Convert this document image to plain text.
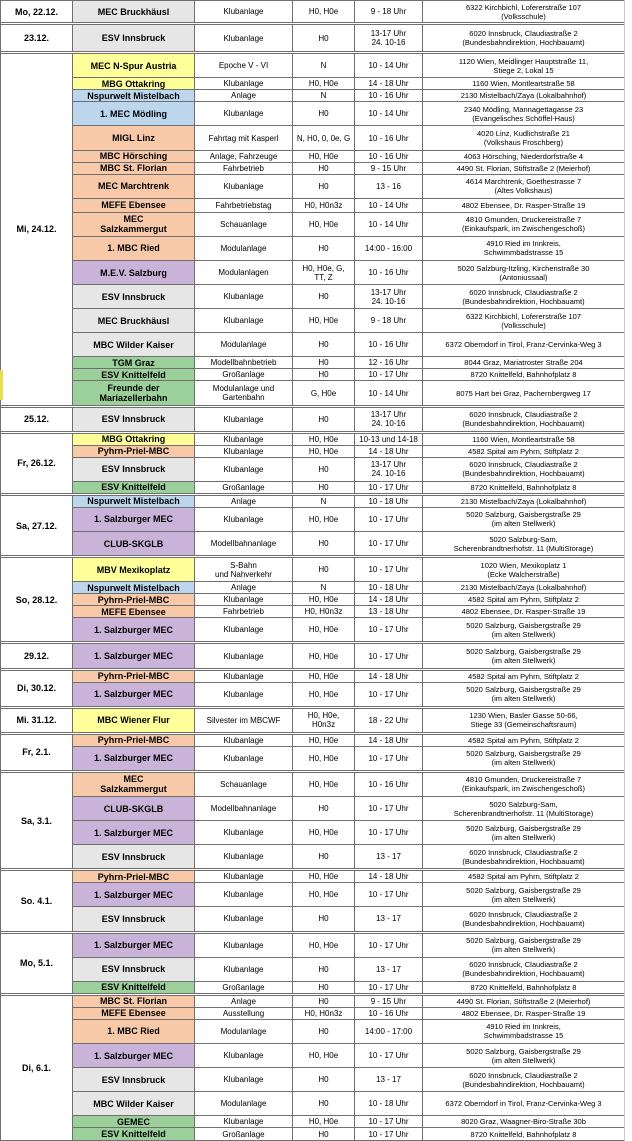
Mo, 22.12.	MEC Bruckhäusl	Klubanlage	H0, H0e	9 - 18 Uhr	6322 Kirchbichl, Lofererstraße 107
(Volksschule)

23.12.	ESV Innsbruck	Klubanlage	H0	13-17 Uhr
24. 10-16	6020 Innsbruck, Claudiastraße 2
(Bundesbahndirektion, Hochbauamt)

Mi, 24.12.	MEC N-Spur Austria	Epoche V - VI	N	10 - 14 Uhr	1120 Wien, Meidlinger Hauptstraße 11,
Stiege 2, Lokal 15
	MBG Ottakring	Klubanlage	H0, H0e	14 - 18 Uhr	1160 Wien, Montleartstraße 58
	Nspurwelt Mistelbach	Anlage	N	10 - 16 Uhr	2130 Mistelbach/Zaya (Lokalbahnhof)
	1. MEC Mödling	Klubanlage	H0	10 - 14 Uhr	2340 Mödling, Mannagettagasse 23
(Evangelisches Schöffel-Haus)
	MIGL Linz	Fahrtag mit Kasperl	N, H0, 0, 0e, G	10 - 16 Uhr	4020 Linz, Kudlichstraße 21
(Volkshaus Froschberg)
	MBC Hörsching	Anlage, Fahrzeuge	H0, H0e	10 - 16 Uhr	4063 Hörsching, Niederdorfstraße 4
	MBC St. Florian	Fahrbetrieb	H0	9 - 15 Uhr	4490 St. Florian, Stiftstraße 2 (Meierhof)
	MEC Marchtrenk	Klubanlage	H0	13 - 16	4614 Marchtrenk, Goethestrasse 7
(Altes Volkshaus)
	MEFE Ebensee	Fahrbetriebstag	H0, H0n3z	10 - 14 Uhr	4802 Ebensee, Dr. Rasper-Straße 19
	MEC
Salzkammergut	Schauanlage	H0, H0e	10 - 14 Uhr	4810 Gmunden, Druckereistraße 7
(Einkaufspark, im Zwischengeschoß)
	1. MBC Ried	Modulanlage	H0	14:00 - 16:00	4910 Ried im Innkreis,
Schwimmbadstrasse 15
	M.E.V. Salzburg	Modulanlagen	H0, H0e, G,
TT, Z	10 - 16 Uhr	5020 Salzburg-Itzling, Kirchenstraße 30
(Antoniussaal)
	ESV Innsbruck	Klubanlage	H0	13-17 Uhr
24. 10-16	6020 Innsbruck, Claudiastraße 2
(Bundesbahndirektion, Hochbauamt)
	MEC Bruckhäusl	Klubanlage	H0, H0e	9 - 18 Uhr	6322 Kirchbichl, Lofererstraße 107
(Volksschule)
	MBC Wilder Kaiser	Modulanlage	H0	10 - 16 Uhr	6372 Oberndorf in Tirol, Franz-Cervinka-Weg 3
	TGM Graz	Modellbahnbetrieb	H0	12 - 16 Uhr	8044 Graz, Mariatroster Straße 204
	ESV Knittelfeld	Großanlage	H0	10 - 17 Uhr	8720 Knittelfeld, Bahnhofplatz 8
	Freunde der
Mariazellerbahn	Modulanlage und
Gartenbahn	G, H0e	10 - 14 Uhr	8075 Hart bei Graz, Pachernbergweg 17

25.12.	ESV Innsbruck	Klubanlage	H0	13-17 Uhr
24. 10-16	6020 Innsbruck, Claudiastraße 2
(Bundesbahndirektion, Hochbauamt)

Fr, 26.12.	MBG Ottakring	Klubanlage	H0, H0e	10-13 und 14-18	1160 Wien, Montleartstraße 58
	Pyhrn-Priel-MBC	Klubanlage	H0, H0e	14 - 18 Uhr	4582 Spital am Pyhrn, Stiftplatz 2
	ESV Innsbruck	Klubanlage	H0	13-17 Uhr
24. 10-16	6020 Innsbruck, Claudiastraße 2
(Bundesbahndirektion, Hochbauamt)
	ESV Knittelfeld	Großanlage	H0	10 - 17 Uhr	8720 Knittelfeld, Bahnhofplatz 8

Sa, 27.12.	Nspurwelt Mistelbach	Anlage	N	10 - 18 Uhr	2130 Mistelbach/Zaya (Lokalbahnhof)
	1. Salzburger MEC	Klubanlage	H0, H0e	10 - 17 Uhr	5020 Salzburg, Gaisbergstraße 29
(im alten Stellwerk)
	CLUB-SKGLB	Modellbahnanlage	H0	10 - 17 Uhr	5020 Salzburg-Sam,
Scherenbrandtnerhofstr. 11 (MultiStorage)

So, 28.12.	MBV Mexikoplatz	S-Bahn
und Nahverkehr	H0	10 - 17 Uhr	1020 Wien, Mexikoplatz 1
(Ecke Walcherstraße)
	Nspurwelt Mistelbach	Anlage	N	10 - 18 Uhr	2130 Mistelbach/Zaya (Lokalbahnhof)
	Pyhrn-Priel-MBC	Klubanlage	H0, H0e	14 - 18 Uhr	4582 Spital am Pyhrn, Stiftplatz 2
	MEFE Ebensee	Fahrbetrieb	H0, H0n3z	13 - 18 Uhr	4802 Ebensee, Dr. Rasper-Straße 19
	1. Salzburger MEC	Klubanlage	H0, H0e	10 - 17 Uhr	5020 Salzburg, Gaisbergstraße 29
(im alten Stellwerk)

29.12.	1. Salzburger MEC	Klubanlage	H0, H0e	10 - 17 Uhr	5020 Salzburg, Gaisbergstraße 29
(im alten Stellwerk)

Di, 30.12.	Pyhrn-Priel-MBC	Klubanlage	H0, H0e	14 - 18 Uhr	4582 Spital am Pyhrn, Stiftplatz 2
	1. Salzburger MEC	Klubanlage	H0, H0e	10 - 17 Uhr	5020 Salzburg, Gaisbergstraße 29
(im alten Stellwerk)

Mi. 31.12.	MBC Wiener Flur	Silvester im MBCWF	H0, H0e,
H0n3z	18 - 22 Uhr	1230 Wien, Basler Gasse 50-66,
Stiege 33 (Gemeinschaftsraum)

Fr, 2.1.	Pyhrn-Priel-MBC	Klubanlage	H0, H0e	14 - 18 Uhr	4582 Spital am Pyhrn, Stiftplatz 2
	1. Salzburger MEC	Klubanlage	H0, H0e	10 - 17 Uhr	5020 Salzburg, Gaisbergstraße 29
(im alten Stellwerk)

Sa, 3.1.	MEC
Salzkammergut	Schauanlage	H0, H0e	10 - 16 Uhr	4810 Gmunden, Druckereistraße 7
(Einkaufspark, im Zwischengeschoß)
	CLUB-SKGLB	Modellbahnanlage	H0	10 - 17 Uhr	5020 Salzburg-Sam,
Scherenbrandtnerhofstr. 11 (MultiStorage)
	1. Salzburger MEC	Klubanlage	H0, H0e	10 - 17 Uhr	5020 Salzburg, Gaisbergstraße 29
(im alten Stellwerk)
	ESV Innsbruck	Klubanlage	H0	13 - 17	6020 Innsbruck, Claudiastraße 2
(Bundesbahndirektion, Hochbauamt)

So. 4.1.	Pyhrn-Priel-MBC	Klubanlage	H0, H0e	14 - 18 Uhr	4582 Spital am Pyhrn, Stiftplatz 2
	1. Salzburger MEC	Klubanlage	H0, H0e	10 - 17 Uhr	5020 Salzburg, Gaisbergstraße 29
(im alten Stellwerk)
	ESV Innsbruck	Klubanlage	H0	13 - 17	6020 Innsbruck, Claudiastraße 2
(Bundesbahndirektion, Hochbauamt)

Mo, 5.1.	1. Salzburger MEC	Klubanlage	H0, H0e	10 - 17 Uhr	5020 Salzburg, Gaisbergstraße 29
(im alten Stellwerk)
	ESV Innsbruck	Klubanlage	H0	13 - 17	6020 Innsbruck, Claudiastraße 2
(Bundesbahndirektion, Hochbauamt)
	ESV Knittelfeld	Großanlage	H0	10 - 17 Uhr	8720 Knittelfeld, Bahnhofplatz 8

Di, 6.1.	MBC St. Florian	Anlage	H0	9 - 15 Uhr	4490 St. Florian, Stiftstraße 2 (Meierhof)
	MEFE Ebensee	Ausstellung	H0, H0n3z	10 - 16 Uhr	4802 Ebensee, Dr. Rasper-Straße 19
	1. MBC Ried	Modulanlage	H0	14:00 - 17:00	4910 Ried im Innkreis,
Schwimmbadstrasse 15
	1. Salzburger MEC	Klubanlage	H0, H0e	10 - 17 Uhr	5020 Salzburg, Gaisbergstraße 29
(im alten Stellwerk)
	ESV Innsbruck	Klubanlage	H0	13 - 17	6020 Innsbruck, Claudiastraße 2
(Bundesbahndirektion, Hochbauamt)
	MBC Wilder Kaiser	Modulanlage	H0	10 - 18 Uhr	6372 Oberndorf in Tirol, Franz-Cervinka-Weg 3
	GEMEC	Klubanlage	H0, H0e	10 - 17 Uhr	8020 Graz, Waagner-Biro-Straße 30b
	ESV Knittelfeld	Großanlage	H0	10 - 17 Uhr	8720 Knittelfeld, Bahnhofplatz 8
